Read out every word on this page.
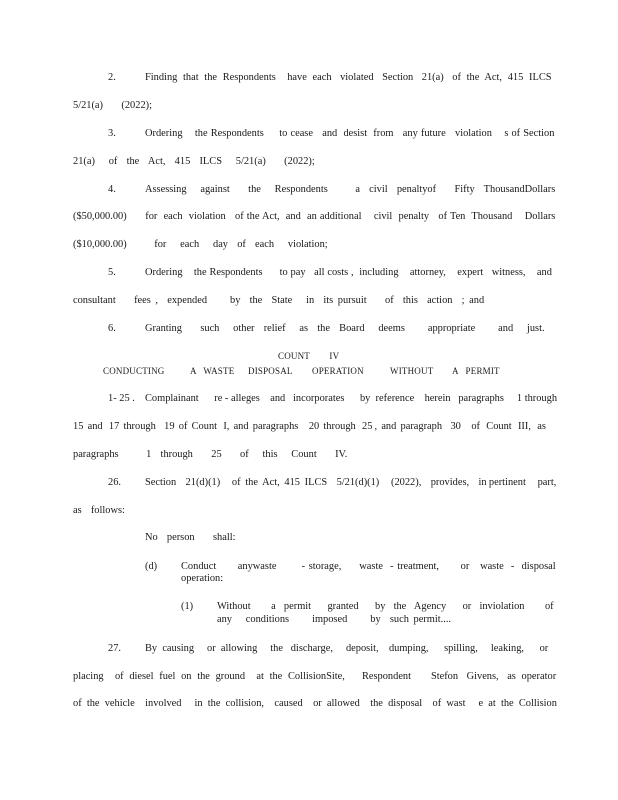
2.	Finding  that  the  Respondents    have  each   violated   Section   21(a)   of  the  Act,  415  ILCS
5/21(a)    (2022);
3.	Ordering    the Respondents     to cease   and  desist  from   any future   violation    s of Section
21(a)   of  the  Act,  415  ILCS   5/21(a)    (2022);
4.	Assessing   against    the   Respondents      a  civil  penaltyof    Fifty  ThousandDollars
($50,000.00)      for  each  violation   of the Act,  and  an additional    civil  penalty   of Ten  Thousand    Dollars
($10,000.00)      for   each   day  of  each   violation;
5.	Ordering    the Respondents      to pay   all costs ,  including    attorney,    expert   witness,    and
consultant    fees ,  expended     by  the  State   in  its pursuit    of  this  action  ; and
6.	Granting    such   other  relief   as  the  Board   deems     appropriate     and   just.
COUNT        IV
CONDUCTING	A   WASTE DISPOSAL OPERATION	WITHOUT A   PERMIT
1- 25 . Complainant      re - alleges    and   incorporates      by  reference    herein   paragraphs     1 through
15  and   17  through    19  of  Count   I,  and  paragraphs     20  through   25 ,  and  paragraph    30     of   Count   III,   as
paragraphs      1  through    25    of   this   Count    IV.
26. Section    21(d)(1)     of  the  Act,  415  ILCS    5/21(d)(1)     (2022),    provides,    in pertinent     part,
as  follows:
No  person    shall:
(d) Conduct      anywaste       - storage,     waste  - treatment,      or   waste  -  disposal
operation:
(1) Without     a  permit    granted    by  the  Agency    or  inviolation     of
any   conditions     imposed     by  such permit....
27. By  causing     or  allowing     the   discharge,     deposit,    dumping,      spilling,     leaking,      or
placing    of  diesel  fuel  on  the  ground    at  the  CollisionSite,      Respondent       Stefon   Givens,   as  operator
of  the  vehicle    involved     in  the  collision,    caused    or  allowed    the  disposal    of  wast     e  at  the  Collision
